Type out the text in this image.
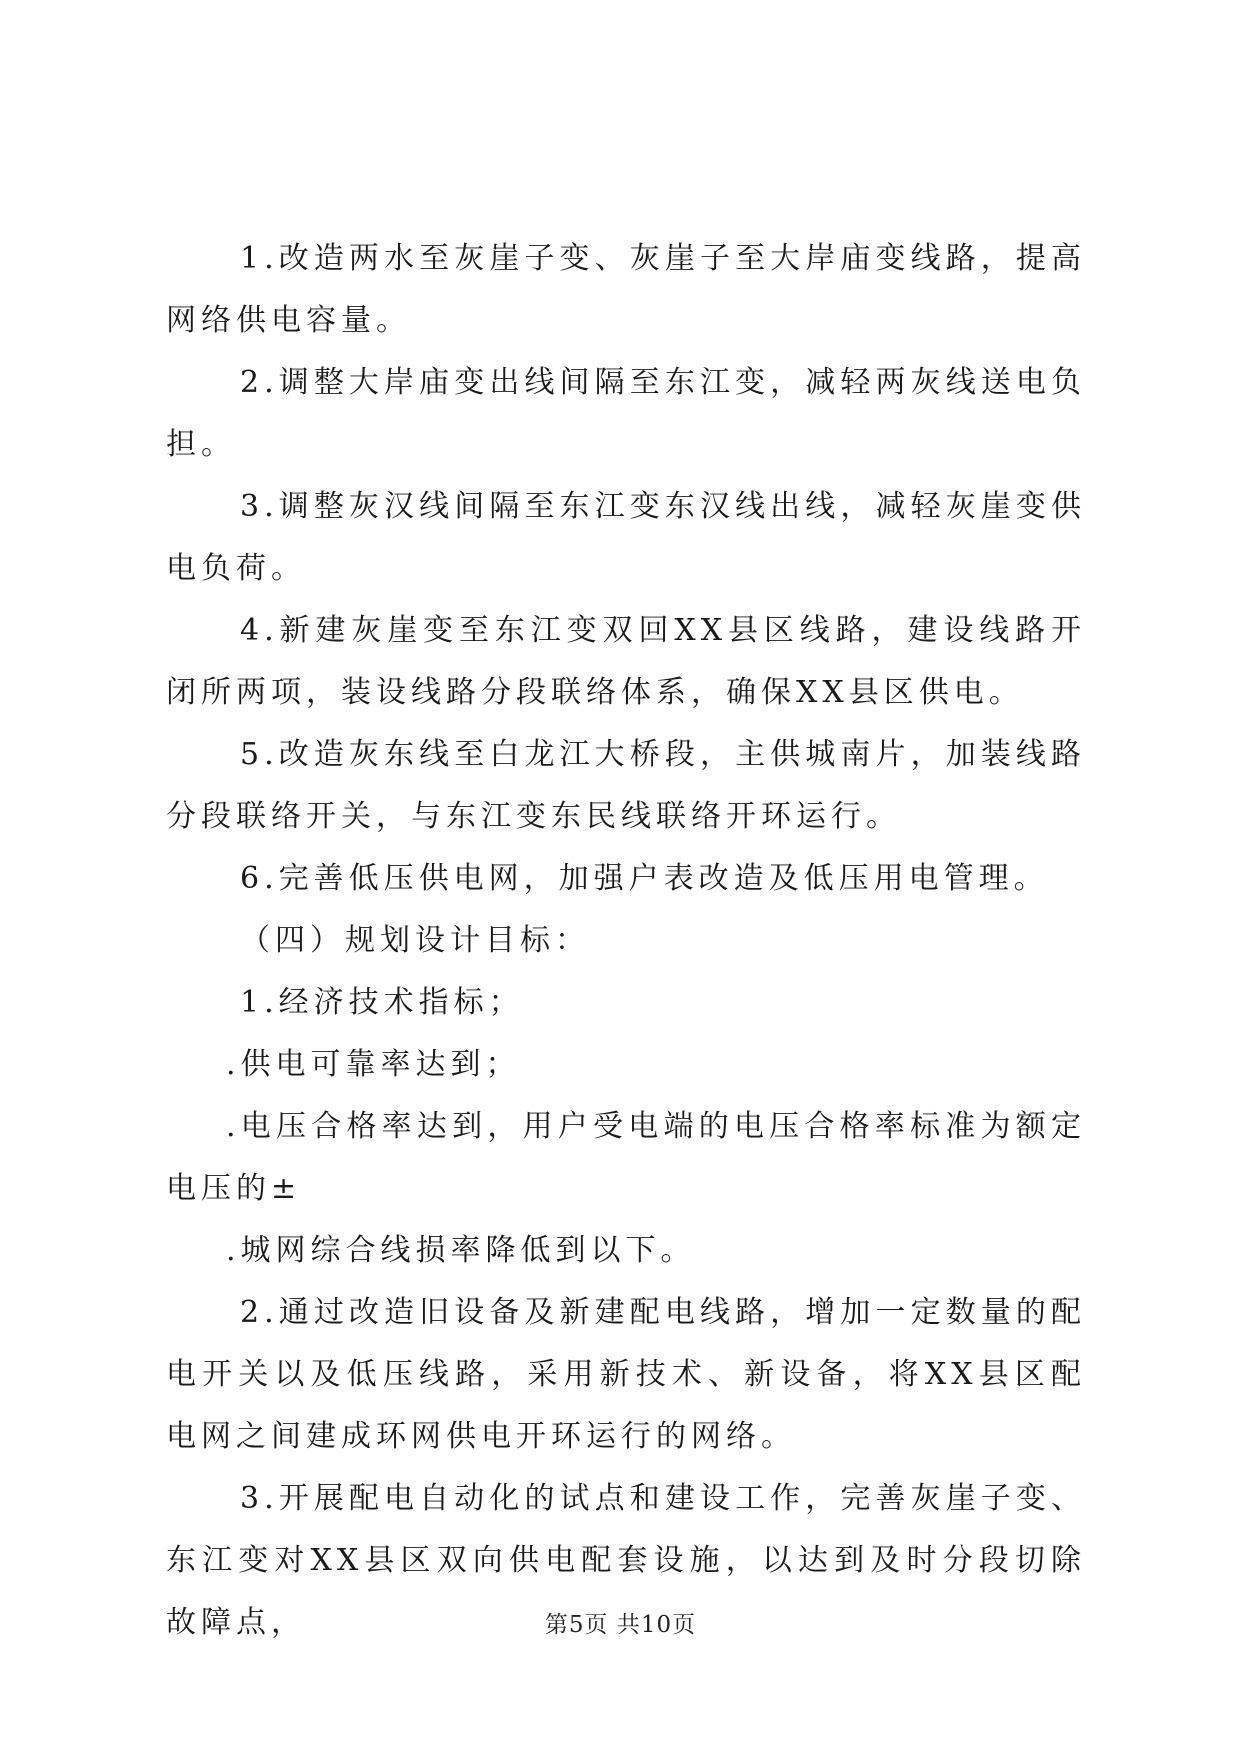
1.改造两水至灰崖子变、灰崖子至大岸庙变线路，提高网络供电容量。

2.调整大岸庙变出线间隔至东江变，减轻两灰线送电负担。

3.调整灰汉线间隔至东江变东汉线出线，减轻灰崖变供电负荷。

4.新建灰崖变至东江变双回XX县区线路，建设线路开闭所两项，装设线路分段联络体系，确保XX县区供电。

5.改造灰东线至白龙江大桥段，主供城南片，加装线路分段联络开关，与东江变东民线联络开环运行。

6.完善低压供电网，加强户表改造及低压用电管理。

（四）规划设计目标：

1.经济技术指标；

.供电可靠率达到；

.电压合格率达到，用户受电端的电压合格率标准为额定电压的±

.城网综合线损率降低到以下。

2.通过改造旧设备及新建配电线路，增加一定数量的配电开关以及低压线路，采用新技术、新设备，将XX县区配电网之间建成环网供电开环运行的网络。

3.开展配电自动化的试点和建设工作，完善灰崖子变、东江变对XX县区双向供电配套设施，以达到及时分段切除故障点，	第5页 共10页
